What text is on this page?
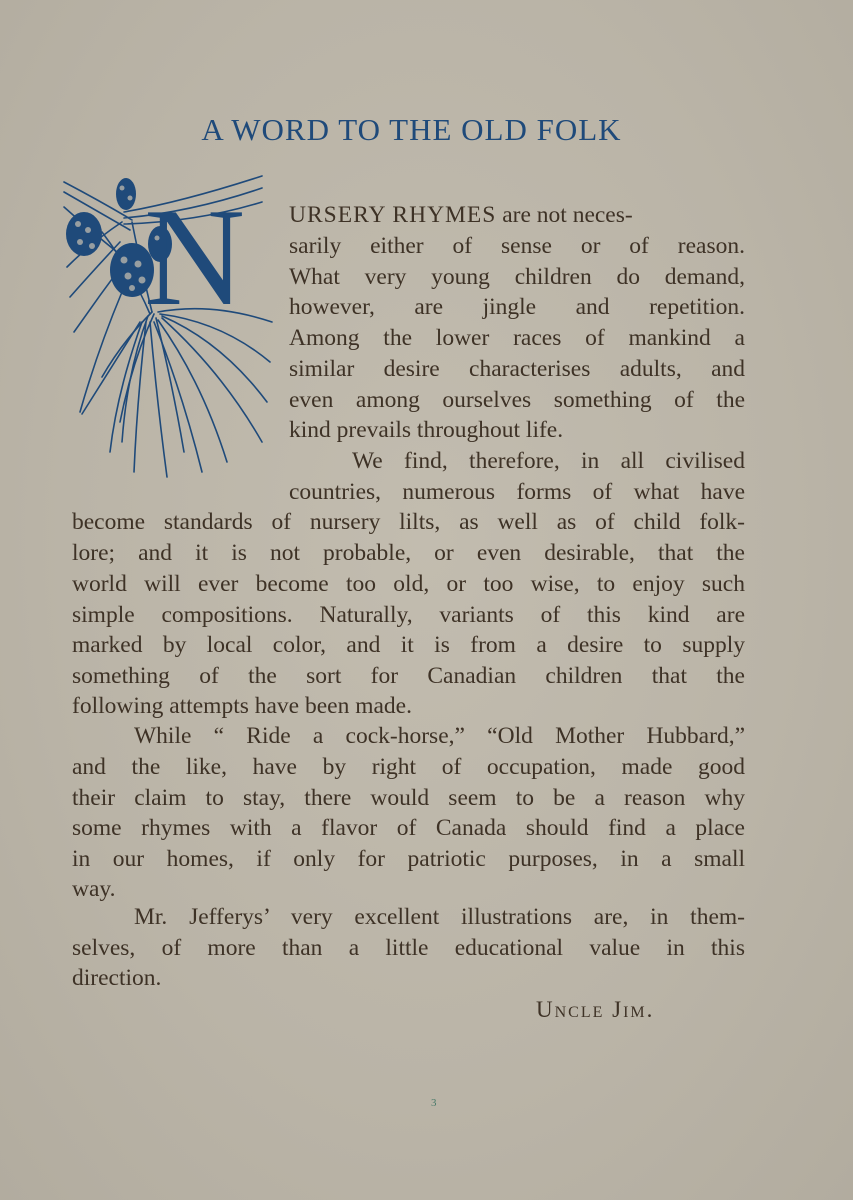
A WORD TO THE OLD FOLK
N URSERY RHYMES are not neces-
sarily either of sense or of reason.
What very young children do demand,
however, are jingle and repetition.
Among the lower races of mankind a
similar desire characterises adults, and
even among ourselves something of the
kind prevails throughout life.
We find, therefore, in all civilised
countries, numerous forms of what have
become standards of nursery lilts, as well as of child folk-
lore; and it is not probable, or even desirable, that the
world will ever become too old, or too wise, to enjoy such
simple compositions. Naturally, variants of this kind are
marked by local color, and it is from a desire to supply
something of the sort for Canadian children that the
following attempts have been made.
While “ Ride a cock-horse,” “Old Mother Hubbard,”
and the like, have by right of occupation, made good
their claim to stay, there would seem to be a reason why
some rhymes with a flavor of Canada should find a place
in our homes, if only for patriotic purposes, in a small
way.
Mr. Jefferys’ very excellent illustrations are, in them-
selves, of more than a little educational value in this
direction.
Uncle Jim.
3
